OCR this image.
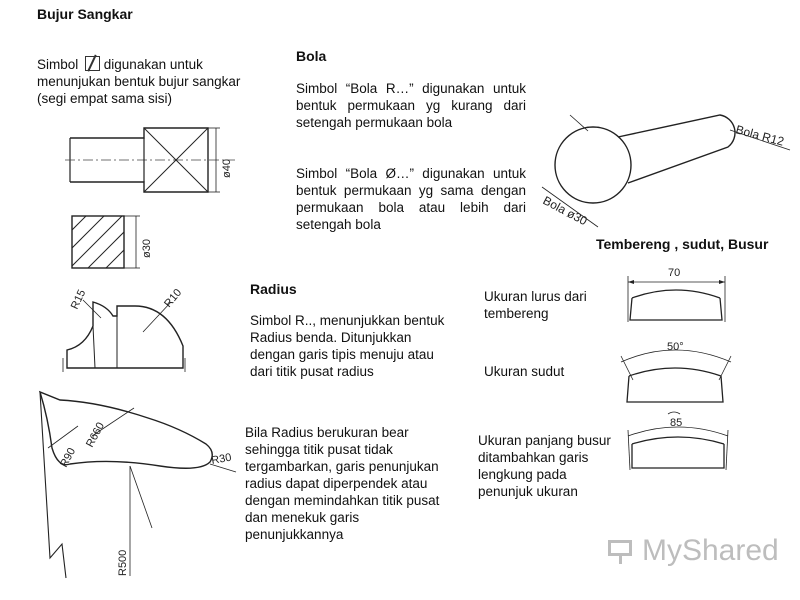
Bujur Sangkar
Simbol
digunakan untuk menunjukan bentuk bujur sangkar (segi empat sama sisi)
ø40
ø30
Bola
Simbol “Bola R…” digunakan untuk bentuk permukaan yg kurang dari setengah permukaan bola
Simbol “Bola Ø…” digunakan untuk bentuk permukaan yg sama dengan permukaan bola atau lebih dari setengah bola
Bola R12
Bola ø30
Tembereng , sudut, Busur
Ukuran lurus dari tembereng
Ukuran sudut
Ukuran panjang busur ditambahkan garis lengkung pada penunjuk ukuran
70
50°
85
Radius
Simbol R.., menunjukkan bentuk Radius benda. Ditunjukkan dengan garis tipis menuju atau dari titik pusat radius
Bila Radius berukuran bear sehingga titik pusat tidak tergambarkan, garis penunjukan radius dapat diperpendek atau dengan memindahkan titik pusat dan menekuk garis penunjukkannya
R15	R10
R90
R660
R30
R500	MyShared
